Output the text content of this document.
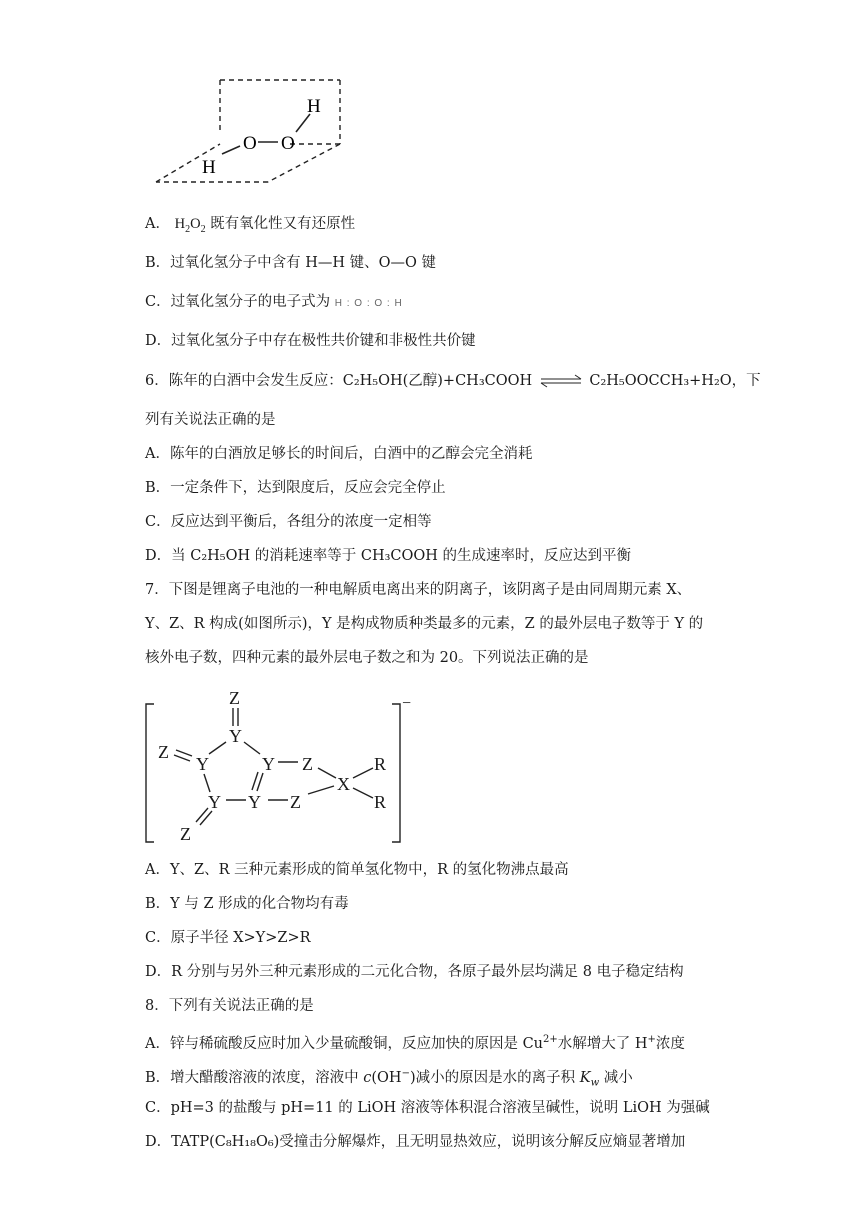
H
O
O
H
A． $H_2O_2$ 既有氧化性又有还原性
B．过氧化氢分子中含有 H—H 键、O—O 键
C．过氧化氢分子的电子式为 H : O : O : H
D．过氧化氢分子中存在极性共价键和非极性共价键
6．陈年的白酒中会发生反应：C₂H₅OH(乙醇)+CH₃COOH ⇌ C₂H₅OOCCH₃+H₂O，下
列有关说法正确的是
A．陈年的白酒放足够长的时间后，白酒中的乙醇会完全消耗
B．一定条件下，达到限度后，反应会完全停止
C．反应达到平衡后，各组分的浓度一定相等
D．当 C₂H₅OH 的消耗速率等于 CH₃COOH 的生成速率时，反应达到平衡
7．下图是锂离子电池的一种电解质电离出来的阴离子，该阴离子是由同周期元素 X、
Y、Z、R 构成(如图所示)，Y 是构成物质种类最多的元素，Z 的最外层电子数等于 Y 的
核外电子数，四种元素的最外层电子数之和为 20。下列说法正确的是
Z
Y
Z
Y	Y Z
X
R
Y Y Z	R
Z
−
A．Y、Z、R 三种元素形成的简单氢化物中，R 的氢化物沸点最高
B．Y 与 Z 形成的化合物均有毒
C．原子半径 X>Y>Z>R
D．R 分别与另外三种元素形成的二元化合物，各原子最外层均满足 8 电子稳定结构
8．下列有关说法正确的是
A．锌与稀硫酸反应时加入少量硫酸铜，反应加快的原因是 $Cu^{2+}$水解增大了 H+浓度
B．增大醋酸溶液的浓度，溶液中 c(OH−)减小的原因是水的离子积 $K_w$ 减小
C．pH=3 的盐酸与 pH=11 的 LiOH 溶液等体积混合溶液呈碱性，说明 LiOH 为强碱
D．TATP(C₈H₁₈O₆)受撞击分解爆炸，且无明显热效应，说明该分解反应熵显著增加
